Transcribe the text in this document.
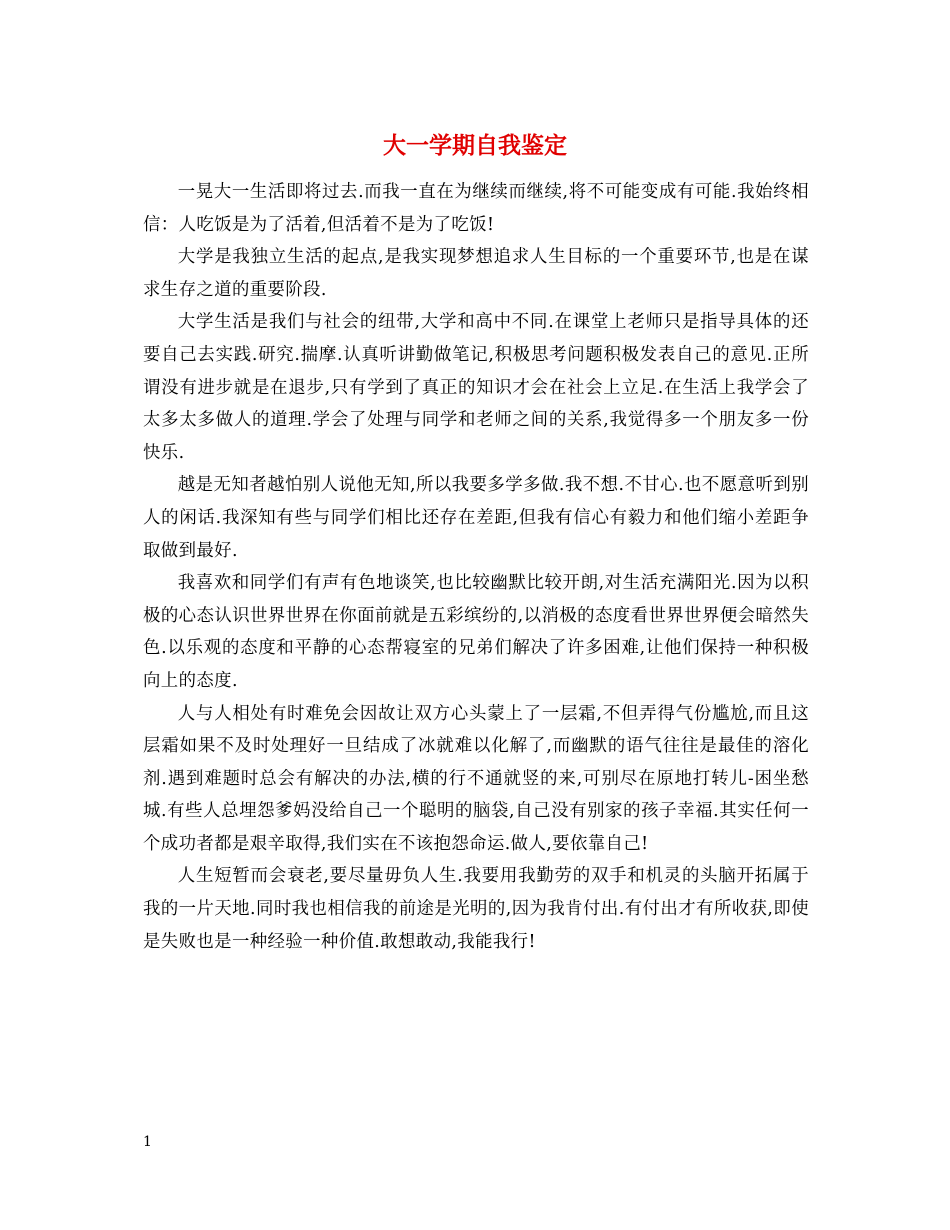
大一学期自我鉴定

一晃大一生活即将过去.而我一直在为继续而继续,将不可能变成有可能.我始终相信：人吃饭是为了活着,但活着不是为了吃饭!

大学是我独立生活的起点,是我实现梦想追求人生目标的一个重要环节,也是在谋求生存之道的重要阶段.

大学生活是我们与社会的纽带,大学和高中不同.在课堂上老师只是指导具体的还要自己去实践.研究.揣摩.认真听讲勤做笔记,积极思考问题积极发表自己的意见.正所谓没有进步就是在退步,只有学到了真正的知识才会在社会上立足.在生活上我学会了太多太多做人的道理.学会了处理与同学和老师之间的关系,我觉得多一个朋友多一份快乐.

越是无知者越怕别人说他无知,所以我要多学多做.我不想.不甘心.也不愿意听到别人的闲话.我深知有些与同学们相比还存在差距,但我有信心有毅力和他们缩小差距争取做到最好.

我喜欢和同学们有声有色地谈笑,也比较幽默比较开朗,对生活充满阳光.因为以积极的心态认识世界世界在你面前就是五彩缤纷的,以消极的态度看世界世界便会暗然失色.以乐观的态度和平静的心态帮寝室的兄弟们解决了许多困难,让他们保持一种积极向上的态度.

人与人相处有时难免会因故让双方心头蒙上了一层霜,不但弄得气份尴尬,而且这层霜如果不及时处理好一旦结成了冰就难以化解了,而幽默的语气往往是最佳的溶化剂.遇到难题时总会有解决的办法,横的行不通就竖的来,可别尽在原地打转儿-困坐愁城.有些人总埋怨爹妈没给自己一个聪明的脑袋,自己没有别家的孩子幸福.其实任何一个成功者都是艰辛取得,我们实在不该抱怨命运.做人,要依靠自己!

人生短暂而会衰老,要尽量毋负人生.我要用我勤劳的双手和机灵的头脑开拓属于我的一片天地.同时我也相信我的前途是光明的,因为我肯付出.有付出才有所收获,即使是失败也是一种经验一种价值.敢想敢动,我能我行!

1
